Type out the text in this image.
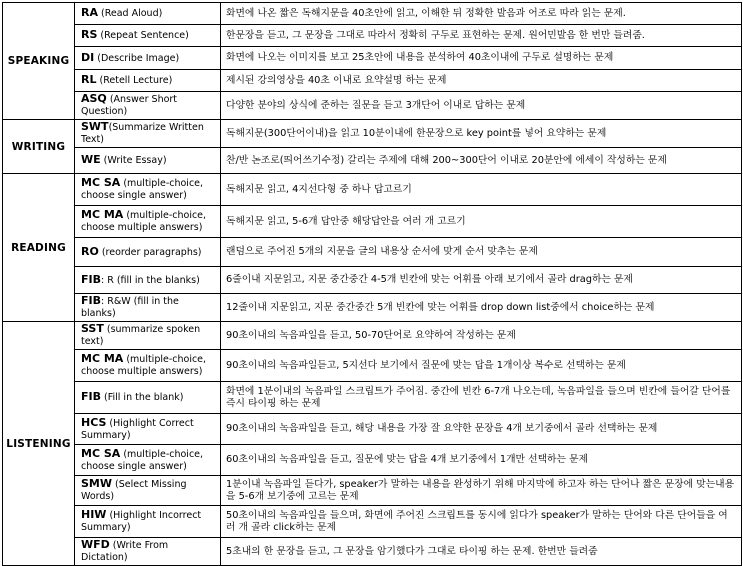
SPEAKING	RA (Read Aloud)	화면에 나온 짧은 독해지문을 40초안에 읽고, 이해한 뒤 정확한 발음과 어조로 따라 읽는 문제.
	RS (Repeat Sentence)	한문장을 듣고, 그 문장을 그대로 따라서 정확히 구두로 표현하는 문제. 원어민발음 한 번만 들려줌.
	DI (Describe Image)	화면에 나오는 이미지를 보고 25초안에 내용을 분석하여 40초이내에 구두로 설명하는 문제
	RL (Retell Lecture)	제시된 강의영상을 40초 이내로 요약설명 하는 문제
	ASQ (Answer Short Question)	다양한 분야의 상식에 준하는 질문을 듣고 3개단어 이내로 답하는 문제
WRITING	SWT(Summarize Written Text)	독해지문(300단어이내)을 읽고 10분이내에 한문장으로 key point를 넣어 요약하는 문제
	WE (Write Essay)	찬/반 논조로(띄어쓰기수정) 갈리는 주제에 대해 200~300단어 이내로 20분안에 에세이 작성하는 문제
READING	MC SA (multiple-choice, choose single answer)	독해지문 읽고, 4지선다형 중 하나 답고르기
	MC MA (multiple-choice, choose multiple answers)	독해지문 읽고, 5-6개 답안중 해당답안을 여러 개 고르기
	RO (reorder paragraphs)	랜덤으로 주어진 5개의 지문을 글의 내용상 순서에 맞게 순서 맞추는 문제
	FIB: R (fill in the blanks)	6줄이내 지문읽고, 지문 중간중간 4-5개 빈칸에 맞는 어휘를 아래 보기에서 골라 drag하는 문제
	FIB: R&W (fill in the blanks)	12줄이내 지문읽고, 지문 중간중간 5개 빈칸에 맞는 어휘를 drop down list중에서 choice하는 문제
LISTENING	SST (summarize spoken text)	90초이내의 녹음파일을 듣고, 50-70단어로 요약하여 작성하는 문제
	MC MA (multiple-choice, choose multiple answers)	90초이내의 녹음파일듣고, 5지선다 보기에서 질문에 맞는 답을 1개이상 복수로 선택하는 문제
	FIB (Fill in the blank)	화면에 1분이내의 녹음파일 스크립트가 주어짐. 중간에 빈칸 6-7개 나오는데, 녹음파일을 들으며 빈칸에 들어갈 단어를 즉시 타이핑 하는 문제
	HCS (Highlight Correct Summary)	90초이내의 녹음파일을 듣고, 해당 내용을 가장 잘 요약한 문장을 4개 보기중에서 골라 선택하는 문제
	MC SA (multiple-choice, choose single answer)	60초이내의 녹음파일을 듣고, 질문에 맞는 답을 4개 보기중에서 1개만 선택하는 문제
	SMW (Select Missing Words)	1분이내 녹음파일 듣다가, speaker가 말하는 내용을 완성하기 위해 마지막에 하고자 하는 단어나 짧은 문장에 맞는내용을 5-6개 보기중에 고르는 문제
	HIW (Highlight Incorrect Summary)	50초이내의 녹음파일을 들으며, 화면에 주어진 스크립트를 동시에 읽다가 speaker가 말하는 단어와 다른 단어들을 여러 개 골라 click하는 문제
	WFD (Write From Dictation)	5초내의 한 문장을 듣고, 그 문장을 암기했다가 그대로 타이핑 하는 문제. 한번만 들려줌
